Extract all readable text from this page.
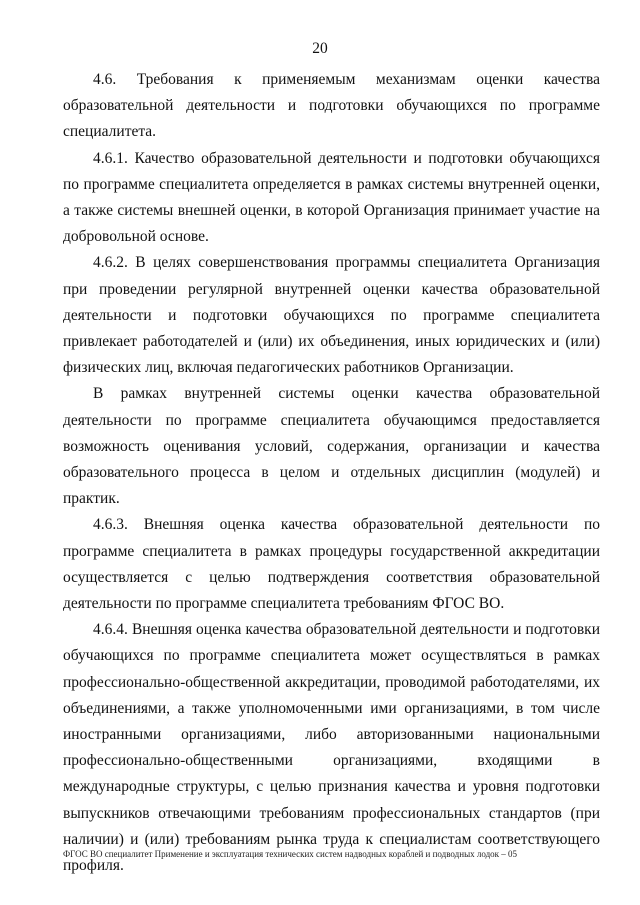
20

4.6. Требования к применяемым механизмам оценки качества образовательной деятельности и подготовки обучающихся по программе специалитета.

4.6.1. Качество образовательной деятельности и подготовки обучающихся по программе специалитета определяется в рамках системы внутренней оценки, а также системы внешней оценки, в которой Организация принимает участие на добровольной основе.

4.6.2. В целях совершенствования программы специалитета Организация при проведении регулярной внутренней оценки качества образовательной деятельности и подготовки обучающихся по программе специалитета привлекает работодателей и (или) их объединения, иных юридических и (или) физических лиц, включая педагогических работников Организации.

В рамках внутренней системы оценки качества образовательной деятельности по программе специалитета обучающимся предоставляется возможность оценивания условий, содержания, организации и качества образовательного процесса в целом и отдельных дисциплин (модулей) и практик.

4.6.3. Внешняя оценка качества образовательной деятельности по программе специалитета в рамках процедуры государственной аккредитации осуществляется с целью подтверждения соответствия образовательной деятельности по программе специалитета требованиям ФГОС ВО.

4.6.4. Внешняя оценка качества образовательной деятельности и подготовки обучающихся по программе специалитета может осуществляться в рамках профессионально-общественной аккредитации, проводимой работодателями, их объединениями, а также уполномоченными ими организациями, в том числе иностранными организациями, либо авторизованными национальными профессионально-общественными организациями, входящими в международные структуры, с целью признания качества и уровня подготовки выпускников отвечающими требованиям профессиональных стандартов (при наличии) и (или) требованиям рынка труда к специалистам соответствующего профиля.

ФГОС ВО специалитет Применение и эксплуатация технических систем надводных кораблей и подводных лодок – 05
